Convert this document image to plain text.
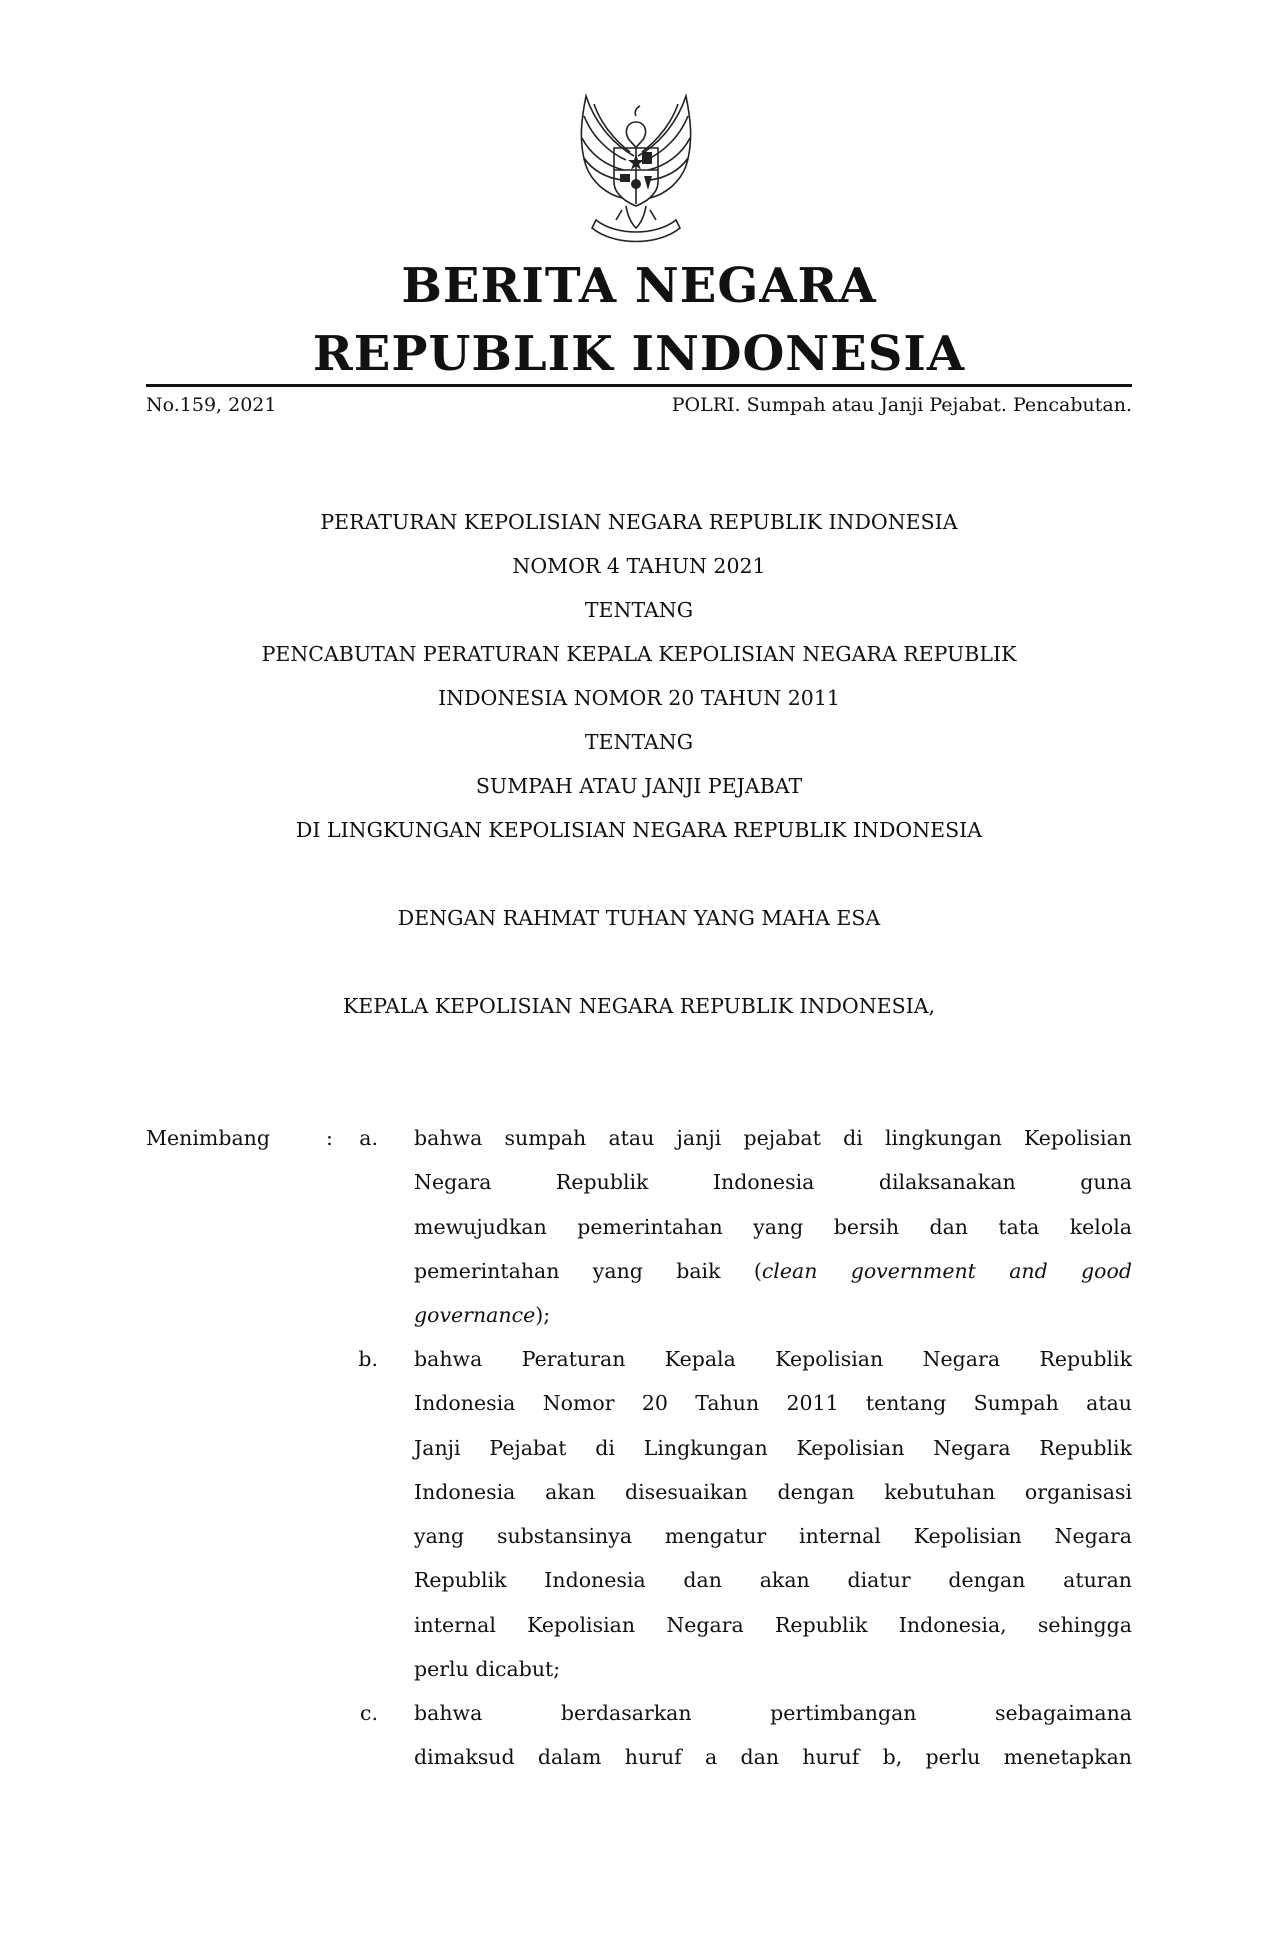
BERITA NEGARA
REPUBLIK INDONESIA
No.159, 2021	POLRI. Sumpah atau Janji Pejabat. Pencabutan.
PERATURAN KEPOLISIAN NEGARA REPUBLIK INDONESIA
NOMOR 4 TAHUN 2021
TENTANG
PENCABUTAN PERATURAN KEPALA KEPOLISIAN NEGARA REPUBLIK
INDONESIA NOMOR 20 TAHUN 2011
TENTANG
SUMPAH ATAU JANJI PEJABAT
DI LINGKUNGAN KEPOLISIAN NEGARA REPUBLIK INDONESIA
DENGAN RAHMAT TUHAN YANG MAHA ESA
KEPALA KEPOLISIAN NEGARA REPUBLIK INDONESIA,
Menimbang	:	a. bahwa sumpah atau janji pejabat di lingkungan Kepolisian
Negara Republik Indonesia dilaksanakan guna
mewujudkan pemerintahan yang bersih dan tata kelola
pemerintahan yang baik (clean government and good
governance);
b. bahwa Peraturan Kepala Kepolisian Negara Republik
Indonesia Nomor 20 Tahun 2011 tentang Sumpah atau
Janji Pejabat di Lingkungan Kepolisian Negara Republik
Indonesia akan disesuaikan dengan kebutuhan organisasi
yang substansinya mengatur internal Kepolisian Negara
Republik Indonesia dan akan diatur dengan aturan
internal Kepolisian Negara Republik Indonesia, sehingga
perlu dicabut;
c. bahwa berdasarkan pertimbangan sebagaimana
dimaksud dalam huruf a dan huruf b, perlu menetapkan
